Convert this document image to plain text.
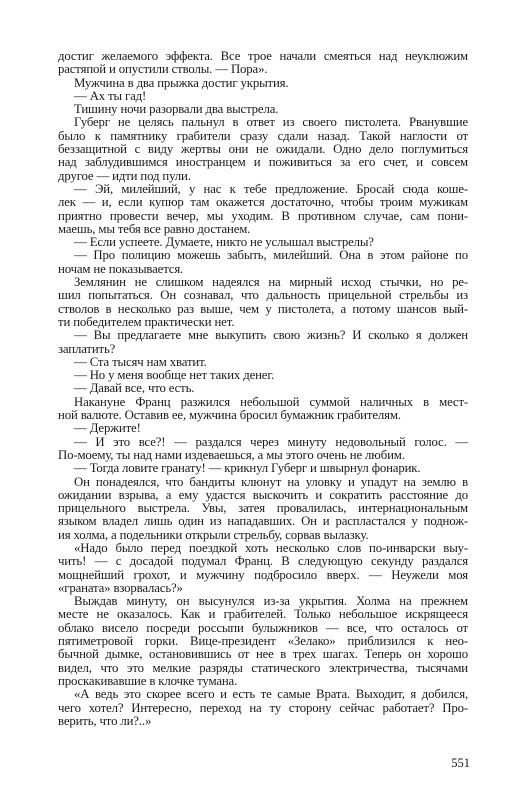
достиг желаемого эффекта. Все трое начали смеяться над неуклюжим
растяпой и опустили стволы. — Пора».
Мужчина в два прыжка достиг укрытия.
— Ах ты гад!
Тишину ночи разорвали два выстрела.
Губерг не целясь пальнул в ответ из своего пистолета. Рванувшие
было к памятнику грабители сразу сдали назад. Такой наглости от
беззащитной с виду жертвы они не ожидали. Одно дело поглумиться
над заблудившимся иностранцем и поживиться за его счет, и совсем
другое — идти под пули.
— Эй, милейший, у нас к тебе предложение. Бросай сюда коше-
лек — и, если купюр там окажется достаточно, чтобы троим мужикам
приятно провести вечер, мы уходим. В противном случае, сам пони-
маешь, мы тебя все равно достанем.
— Если успеете. Думаете, никто не услышал выстрелы?
— Про полицию можешь забыть, милейший. Она в этом районе по
ночам не показывается.
Землянин не слишком надеялся на мирный исход стычки, но ре-
шил попытаться. Он сознавал, что дальность прицельной стрельбы из
стволов в несколько раз выше, чем у пистолета, а потому шансов вый-
ти победителем практически нет.
— Вы предлагаете мне выкупить свою жизнь? И сколько я должен
заплатить?
— Ста тысяч нам хватит.
— Но у меня вообще нет таких денег.
— Давай все, что есть.
Накануне Франц разжился небольшой суммой наличных в мест-
ной валюте. Оставив ее, мужчина бросил бумажник грабителям.
— Держите!
— И это все?! — раздался через минуту недовольный голос. —
По-моему, ты над нами издеваешься, а мы этого очень не любим.
— Тогда ловите гранату! — крикнул Губерг и швырнул фонарик.
Он понадеялся, что бандиты клюнут на уловку и упадут на землю в
ожидании взрыва, а ему удастся выскочить и сократить расстояние до
прицельного выстрела. Увы, затея провалилась, интернациональным
языком владел лишь один из нападавших. Он и распластался у поднож-
ия холма, а подельники открыли стрельбу, сорвав вылазку.
«Надо было перед поездкой хоть несколько слов по-инварски выу-
чить! — с досадой подумал Франц. В следующую секунду раздался
мощнейший грохот, и мужчину подбросило вверх. — Неужели моя
«граната» взорвалась?»
Выждав минуту, он высунулся из-за укрытия. Холма на прежнем
месте не оказалось. Как и грабителей. Только небольшое искрящееся
облако висело посреди россыпи булыжников — все, что осталось от
пятиметровой горки. Вице-президент «Зелако» приблизился к нео-
бычной дымке, остановившись от нее в трех шагах. Теперь он хорошо
видел, что это мелкие разряды статического электричества, тысячами
проскакивавшие в клочке тумана.
«А ведь это скорее всего и есть те самые Врата. Выходит, я добился,
чего хотел? Интересно, переход на ту сторону сейчас работает? Про-
верить, что ли?..»
551
